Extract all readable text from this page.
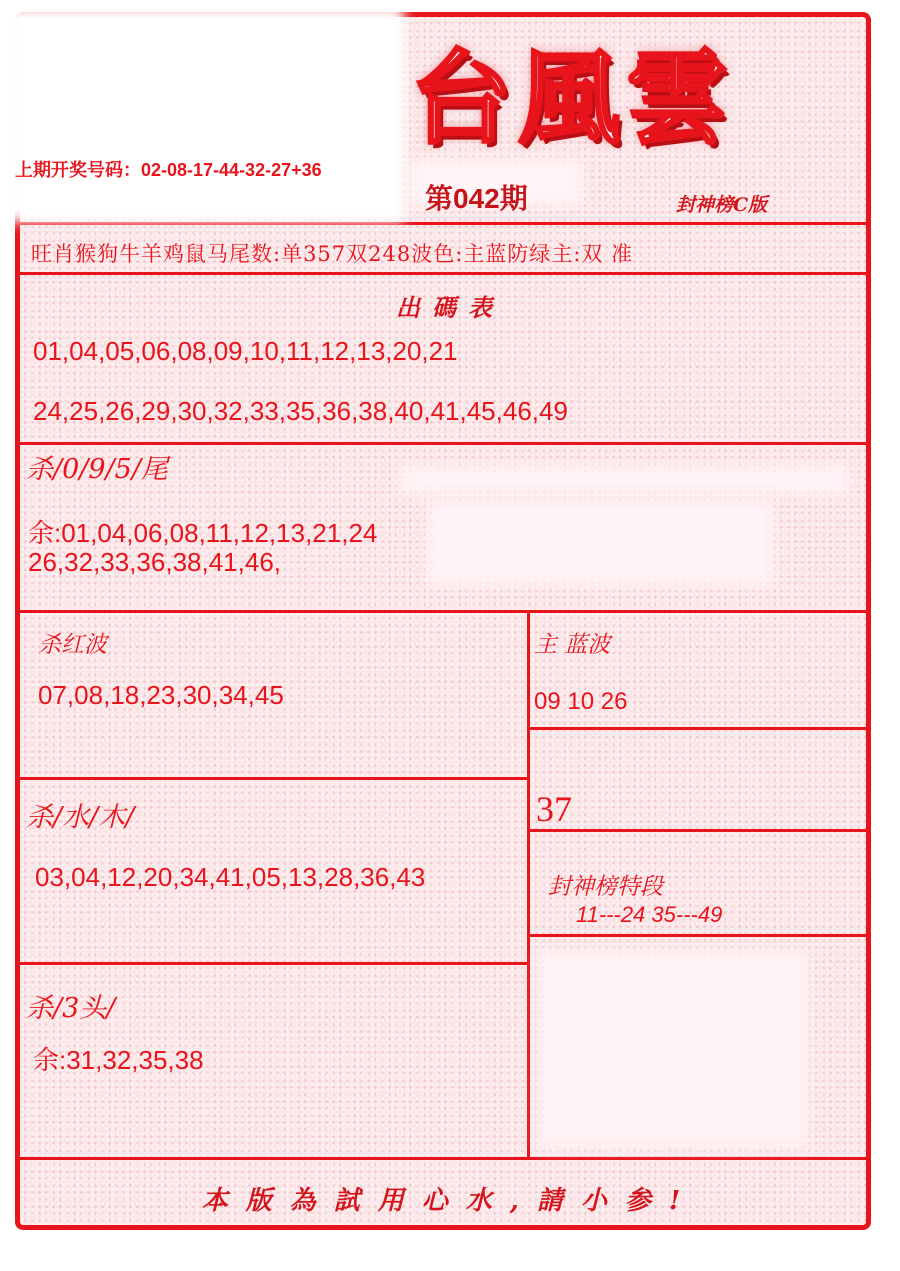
台風雲
封神榜C版
上期开奖号码：02-08-17-44-32-27+36
第042期
旺肖猴狗牛羊鸡鼠马尾数:单357双248波色:主蓝防绿主:双 准
出碼表
01,04,05,06,08,09,10,11,12,13,20,21
24,25,26,29,30,32,33,35,36,38,40,41,45,46,49
杀/0/9/5/尾
余:01,04,06,08,11,12,13,21,24
26,32,33,36,38,41,46,
杀红波
07,08,18,23,30,34,45
主 蓝波
09 10 26
杀/水/木/
03,04,12,20,34,41,05,13,28,36,43
37
封神榜特段
11---24 35---49
杀/3头/
余:31,32,35,38
本版為試用心水,請小参!
